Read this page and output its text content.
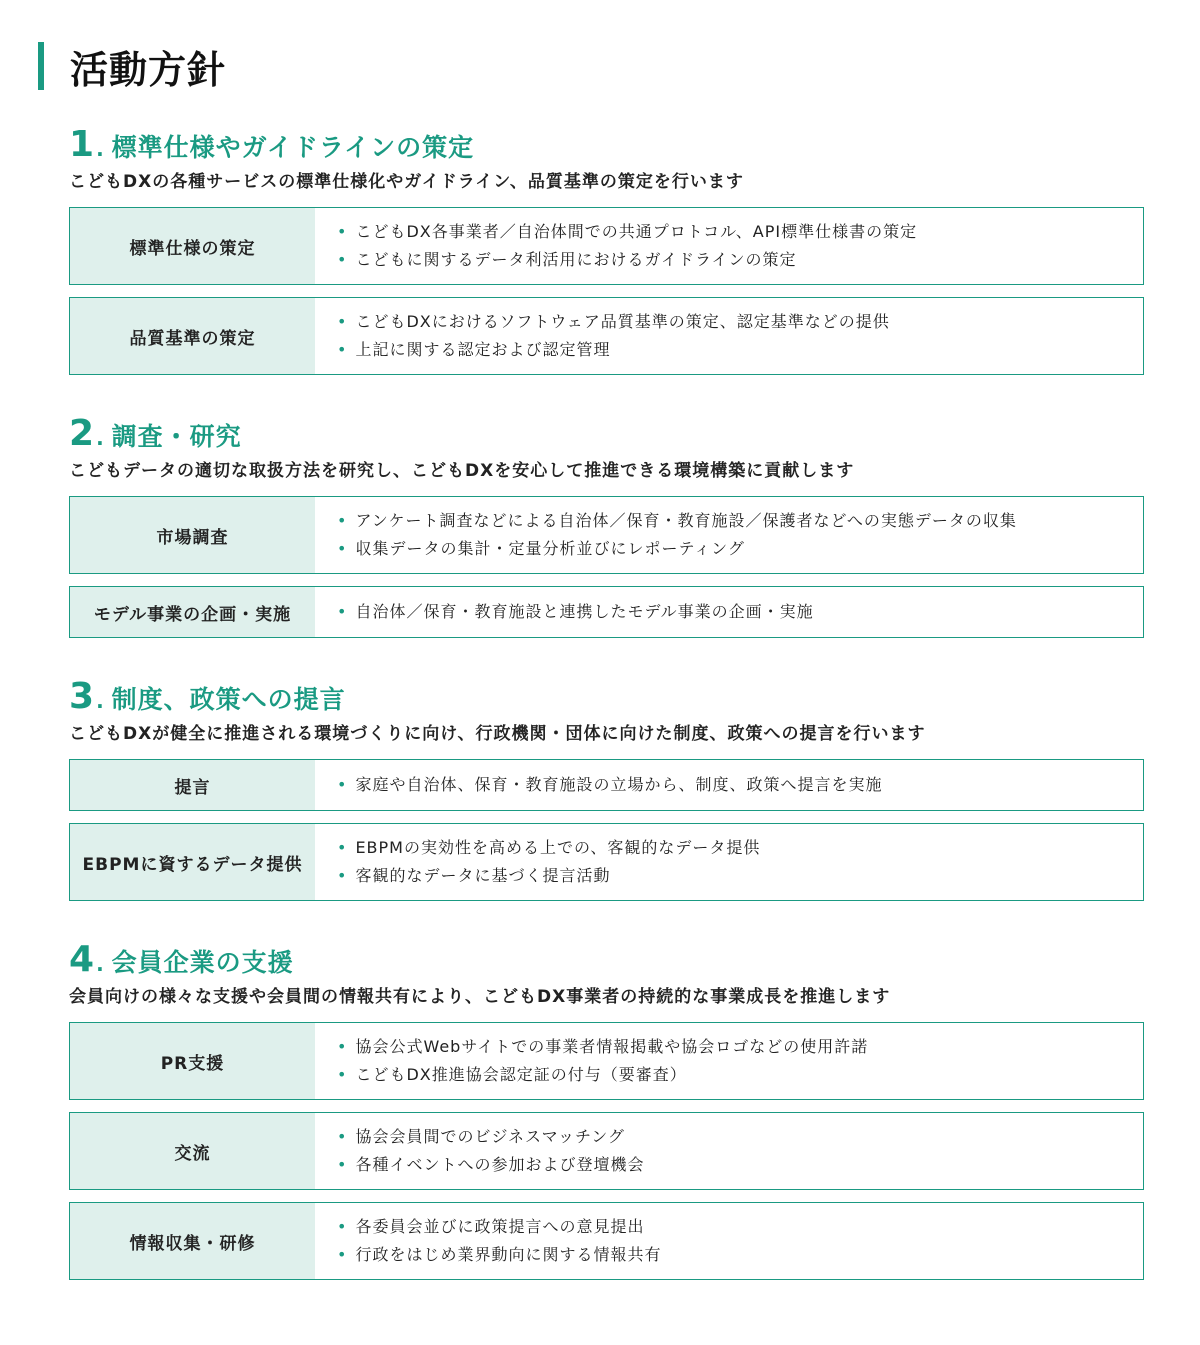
活動方針
1 . 標準仕様やガイドラインの策定

こどもDXの各種サービスの標準仕様化やガイドライン、品質基準の策定を行います

標準仕様の策定
• こどもDX各事業者／自治体間での共通プロトコル、API標準仕様書の策定
• こどもに関するデータ利活用におけるガイドラインの策定
品質基準の策定
• こどもDXにおけるソフトウェア品質基準の策定、認定基準などの提供
• 上記に関する認定および認定管理
2 . 調査・研究

こどもデータの適切な取扱方法を研究し、こどもDXを安心して推進できる環境構築に貢献します

市場調査
• アンケート調査などによる自治体／保育・教育施設／保護者などへの実態データの収集
• 収集データの集計・定量分析並びにレポーティング
モデル事業の企画・実施	• 自治体／保育・教育施設と連携したモデル事業の企画・実施
3 . 制度、政策への提言

こどもDXが健全に推進される環境づくりに向け、行政機関・団体に向けた制度、政策への提言を行います

提言	• 家庭や自治体、保育・教育施設の立場から、制度、政策へ提言を実施
EBPMに資するデータ提供
• EBPMの実効性を高める上での、客観的なデータ提供
• 客観的なデータに基づく提言活動
4 . 会員企業の支援

会員向けの様々な支援や会員間の情報共有により、こどもDX事業者の持続的な事業成長を推進します

PR支援
• 協会公式Webサイトでの事業者情報掲載や協会ロゴなどの使用許諾
• こどもDX推進協会認定証の付与（要審査）
交流
• 協会会員間でのビジネスマッチング
• 各種イベントへの参加および登壇機会
情報収集・研修
• 各委員会並びに政策提言への意見提出
• 行政をはじめ業界動向に関する情報共有
